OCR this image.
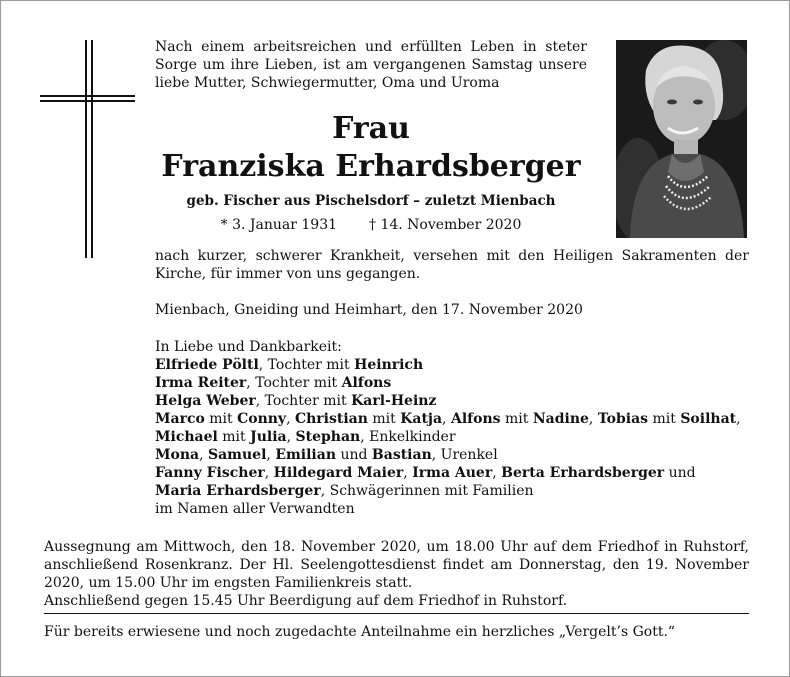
Nach einem arbeitsreichen und erfüllten Leben in steter Sorge um ihre Lieben, ist am vergangenen Samstag unsere liebe Mutter, Schwiegermutter, Oma und Uroma
Frau
Franziska Erhardsberger
geb. Fischer aus Pischelsdorf – zuletzt Mienbach
* 3. Januar 1931 † 14. November 2020
nach kurzer, schwerer Krankheit, versehen mit den Heiligen Sakramenten der Kirche, für immer von uns gegangen.
Mienbach, Gneiding und Heimhart, den 17. November 2020
In Liebe und Dankbarkeit:
Elfriede Pöltl, Tochter mit Heinrich
Irma Reiter, Tochter mit Alfons
Helga Weber, Tochter mit Karl-Heinz
Marco mit Conny, Christian mit Katja, Alfons mit Nadine, Tobias mit Soilhat,
Michael mit Julia, Stephan, Enkelkinder
Mona, Samuel, Emilian und Bastian, Urenkel
Fanny Fischer, Hildegard Maier, Irma Auer, Berta Erhardsberger und
Maria Erhardsberger, Schwägerinnen mit Familien
im Namen aller Verwandten
Aussegnung am Mittwoch, den 18. November 2020, um 18.00 Uhr auf dem Friedhof in Ruhstorf, anschließend Rosenkranz. Der Hl. Seelengottesdienst findet am Donnerstag, den 19. November 2020, um 15.00 Uhr im engsten Familienkreis statt.
Anschließend gegen 15.45 Uhr Beerdigung auf dem Friedhof in Ruhstorf.
Für bereits erwiesene und noch zugedachte Anteilnahme ein herzliches „Vergelt’s Gott.“
